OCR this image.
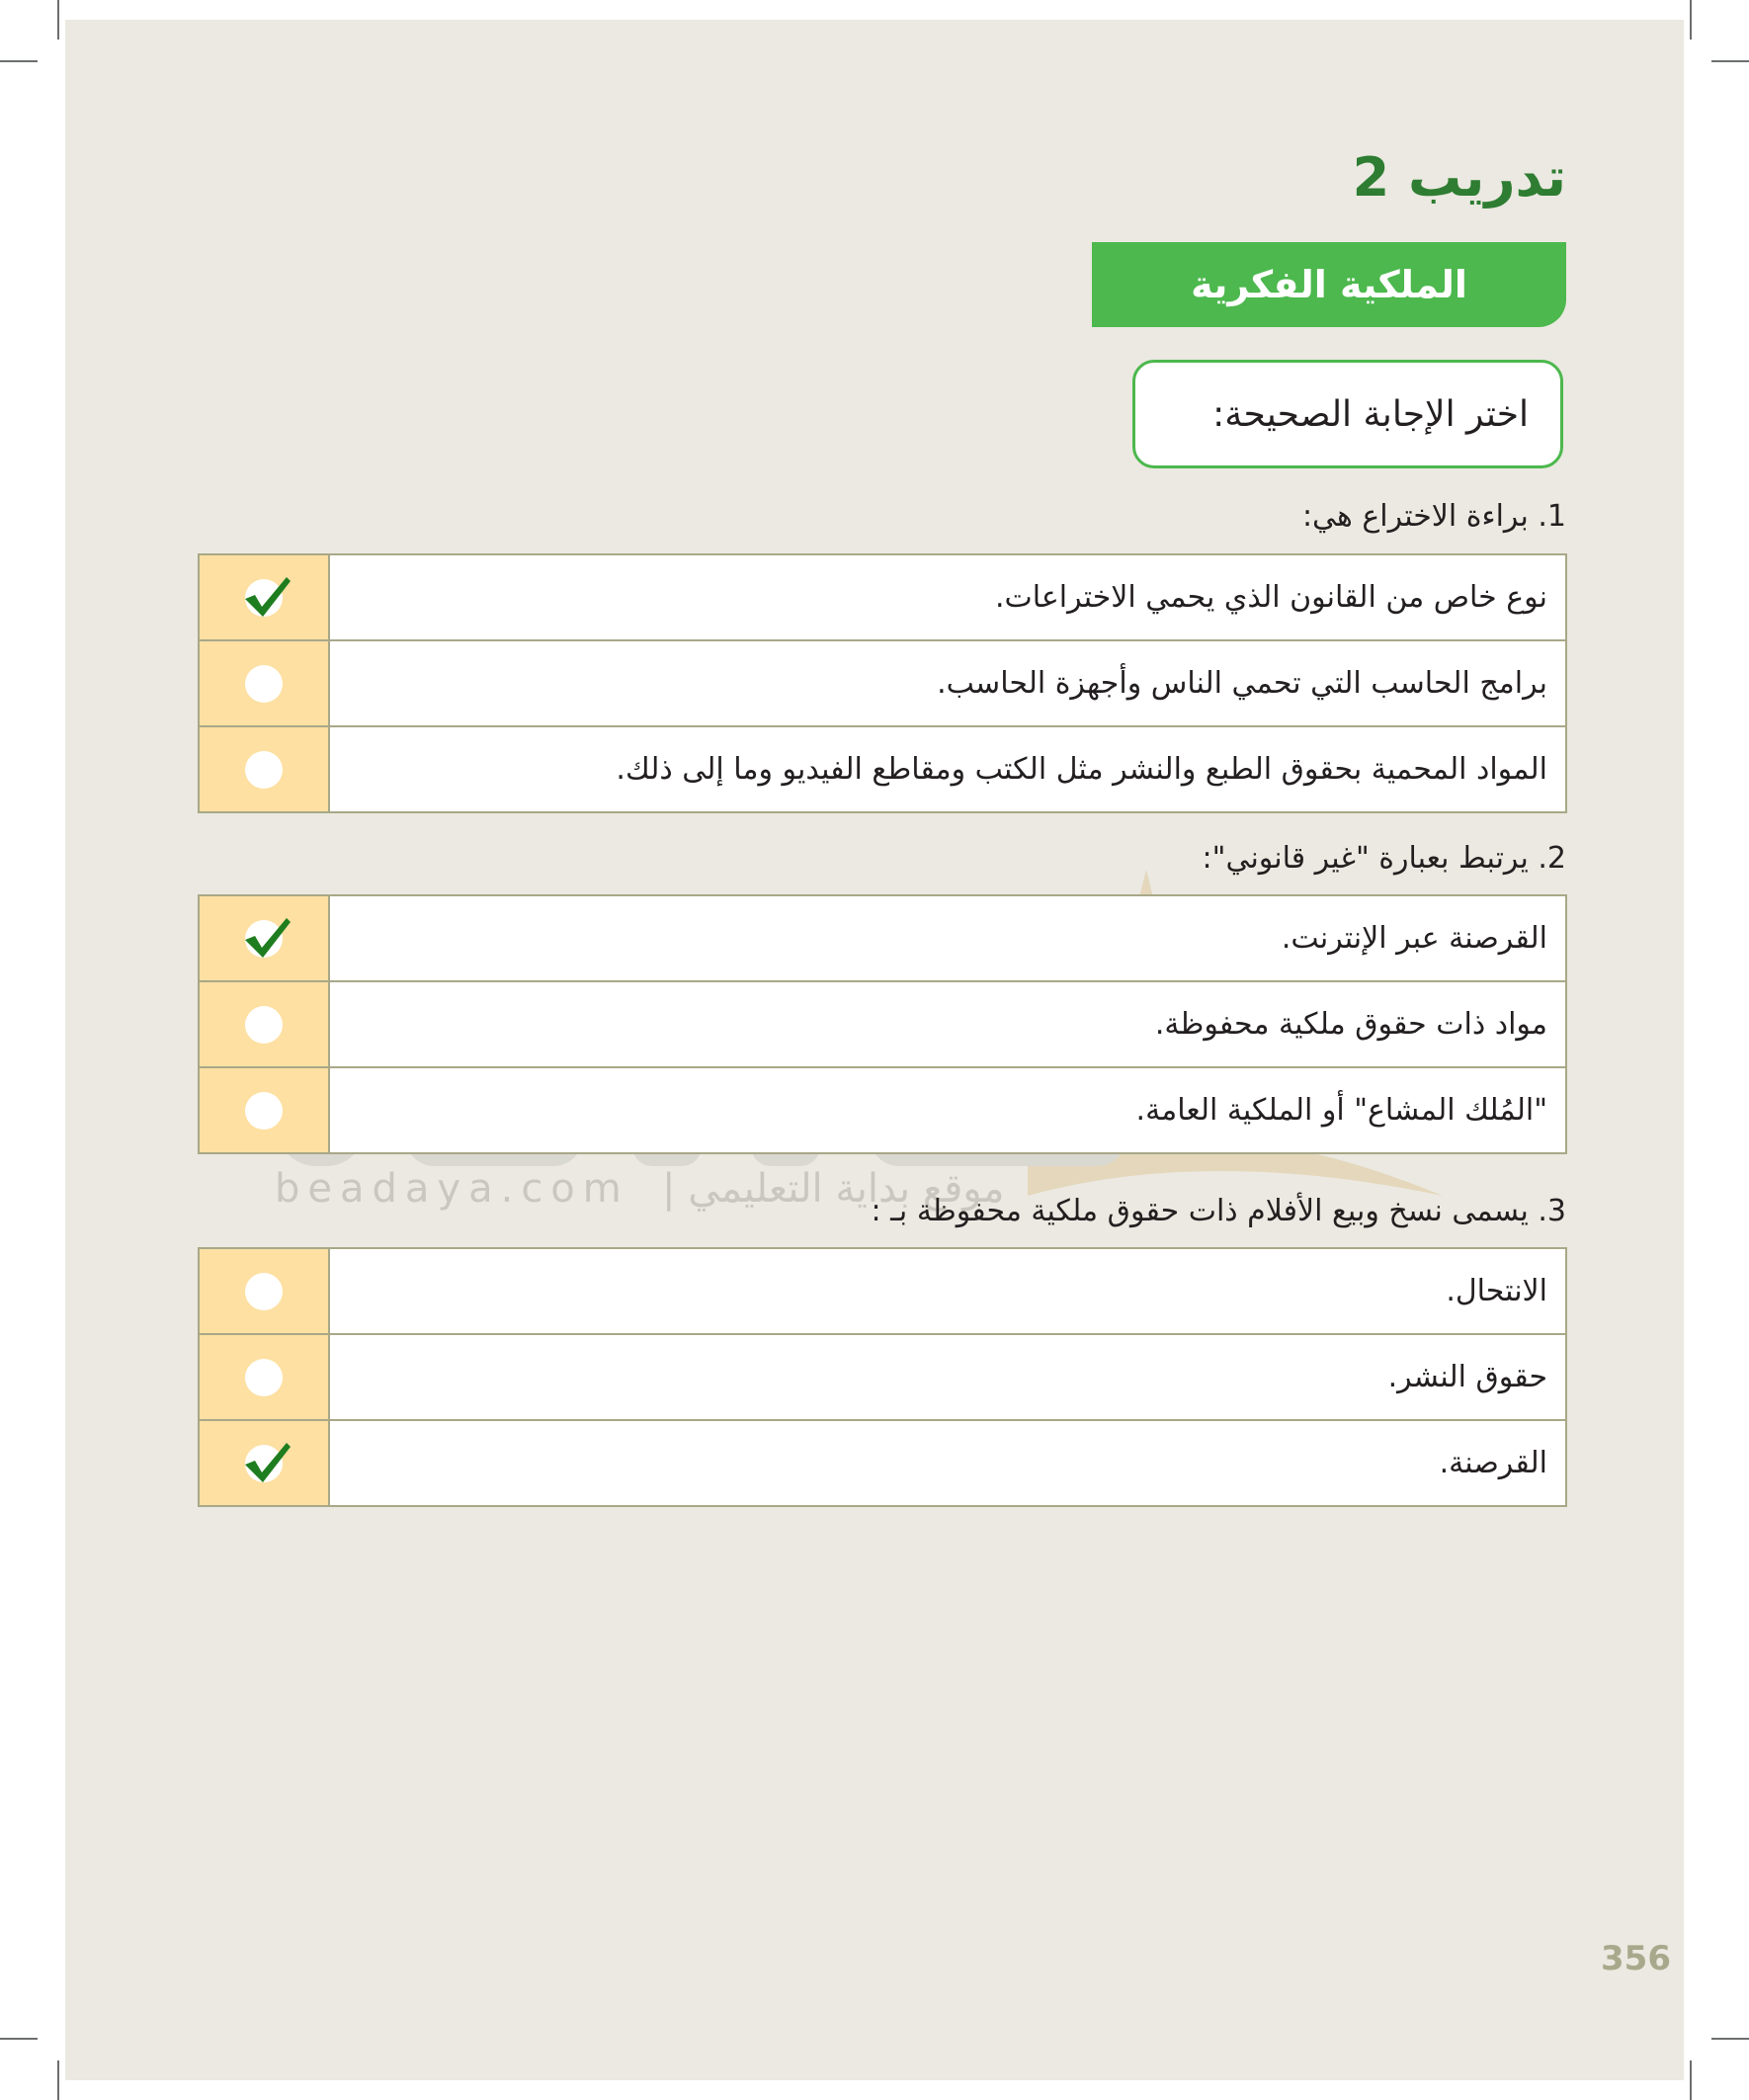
beadaya.com موقع بداية التعليمي |
تدريب 2
الملكية الفكرية
اختر الإجابة الصحيحة:
1. براءة الاختراع هي:
نوع خاص من القانون الذي يحمي الاختراعات.
برامج الحاسب التي تحمي الناس وأجهزة الحاسب.
المواد المحمية بحقوق الطبع والنشر مثل الكتب ومقاطع الفيديو وما إلى ذلك.
2. يرتبط بعبارة "غير قانوني":
القرصنة عبر الإنترنت.
مواد ذات حقوق ملكية محفوظة.
"المُلك المشاع" أو الملكية العامة.
3. يسمى نسخ وبيع الأفلام ذات حقوق ملكية محفوظة بـ :
الانتحال.
حقوق النشر.
القرصنة.
356
